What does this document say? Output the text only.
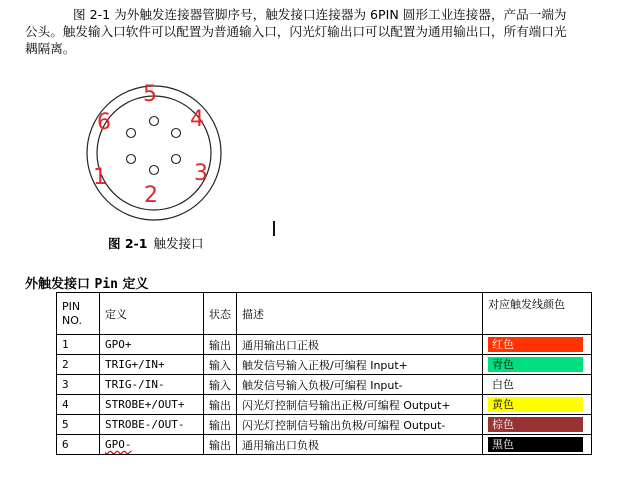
图 2-1 为外触发连接器管脚序号，触发接口连接器为 6PIN 圆形工业连接器，产品一端为
公头。触发输入口软件可以配置为普通输入口，闪光灯输出口可以配置为通用输出口，所有端口光
耦隔离。
5
6	4
1	3
2
图 2-1 触发接口
外触发接口 Pin 定义
PIN NO.	定义	状态	描述	对应触发线颜色
1	GPO+	输出	通用输出口正极	红色
2	TRIG+/IN+	输入	触发信号输入正极/可编程 Input+	青色
3	TRIG-/IN-	输入	触发信号输入负极/可编程 Input-	白色
4	STROBE+/OUT+	输出	闪光灯控制信号输出正极/可编程 Output+	黄色
5	STROBE-/OUT-	输出	闪光灯控制信号输出负极/可编程 Output-	棕色
6	GPO-	输出	通用输出口负极	黑色
